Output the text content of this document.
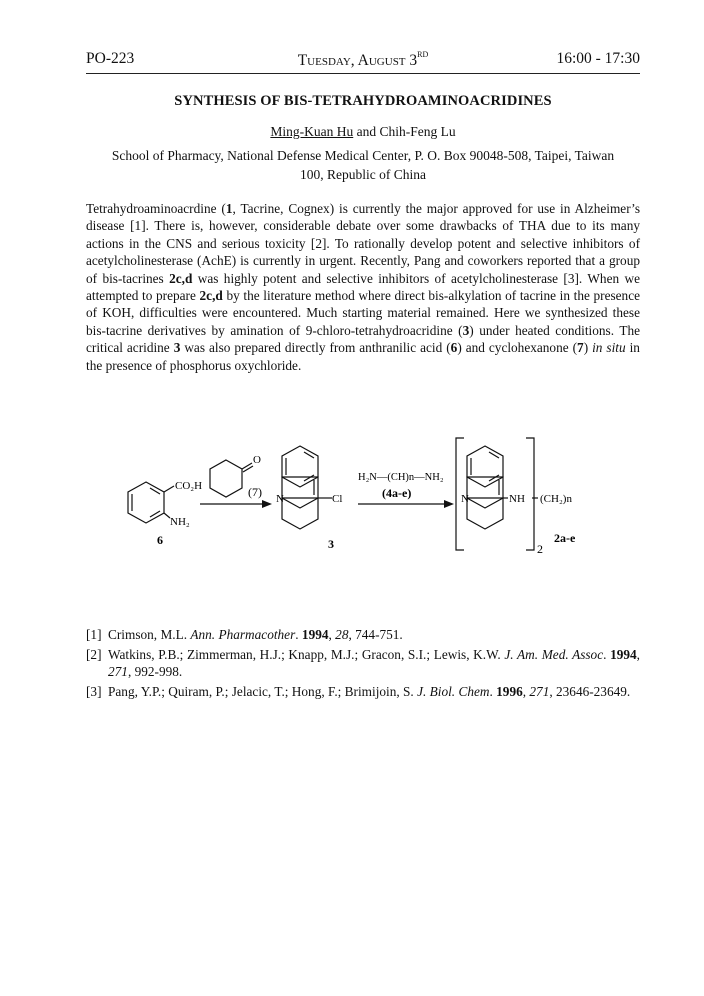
PO-223	Tuesday, August 3RD	16:00 - 17:30
SYNTHESIS OF BIS-TETRAHYDROAMINOACRIDINES
Ming-Kuan Hu and Chih-Feng Lu
School of Pharmacy, National Defense Medical Center, P. O. Box 90048-508, Taipei, Taiwan
100, Republic of China
Tetrahydroaminoacrdine (1, Tacrine, Cognex) is currently the major approved for use in Alzheimer’s disease [1]. There is, however, considerable debate over some drawbacks of THA due to its many actions in the CNS and serious toxicity [2]. To rationally develop potent and selective inhibitors of acetylcholinesterase (AchE) is currently in urgent. Recently, Pang and coworkers reported that a group of bis-tacrines 2c,d was highly potent and selective inhibitors of acetylcholinesterase [3]. When we attempted to prepare 2c,d by the literature method where direct bis-alkylation of tacrine in the presence of KOH, difficulties were encountered. Much starting material remained. Here we synthesized these bis-tacrine derivatives by amination of 9-chloro-tetrahydroacridine (3) under heated conditions. The critical acridine 3 was also prepared directly from anthranilic acid (6) and cyclohexanone (7) in situ in the presence of phosphorus oxychloride.
CO₂H
NH₂
6
O
(7) N	Cl
3
H₂N—(CH)n—NH₂
(4a-e)	N	NH (CH₂)n
2
2a-e
[1] Crimson, M.L. Ann. Pharmacother. 1994, 28, 744-751.
[2] Watkins, P.B.; Zimmerman, H.J.; Knapp, M.J.; Gracon, S.I.; Lewis, K.W. J. Am. Med. Assoc. 1994, 271, 992-998.
[3] Pang, Y.P.; Quiram, P.; Jelacic, T.; Hong, F.; Brimijoin, S. J. Biol. Chem. 1996, 271, 23646-23649.
